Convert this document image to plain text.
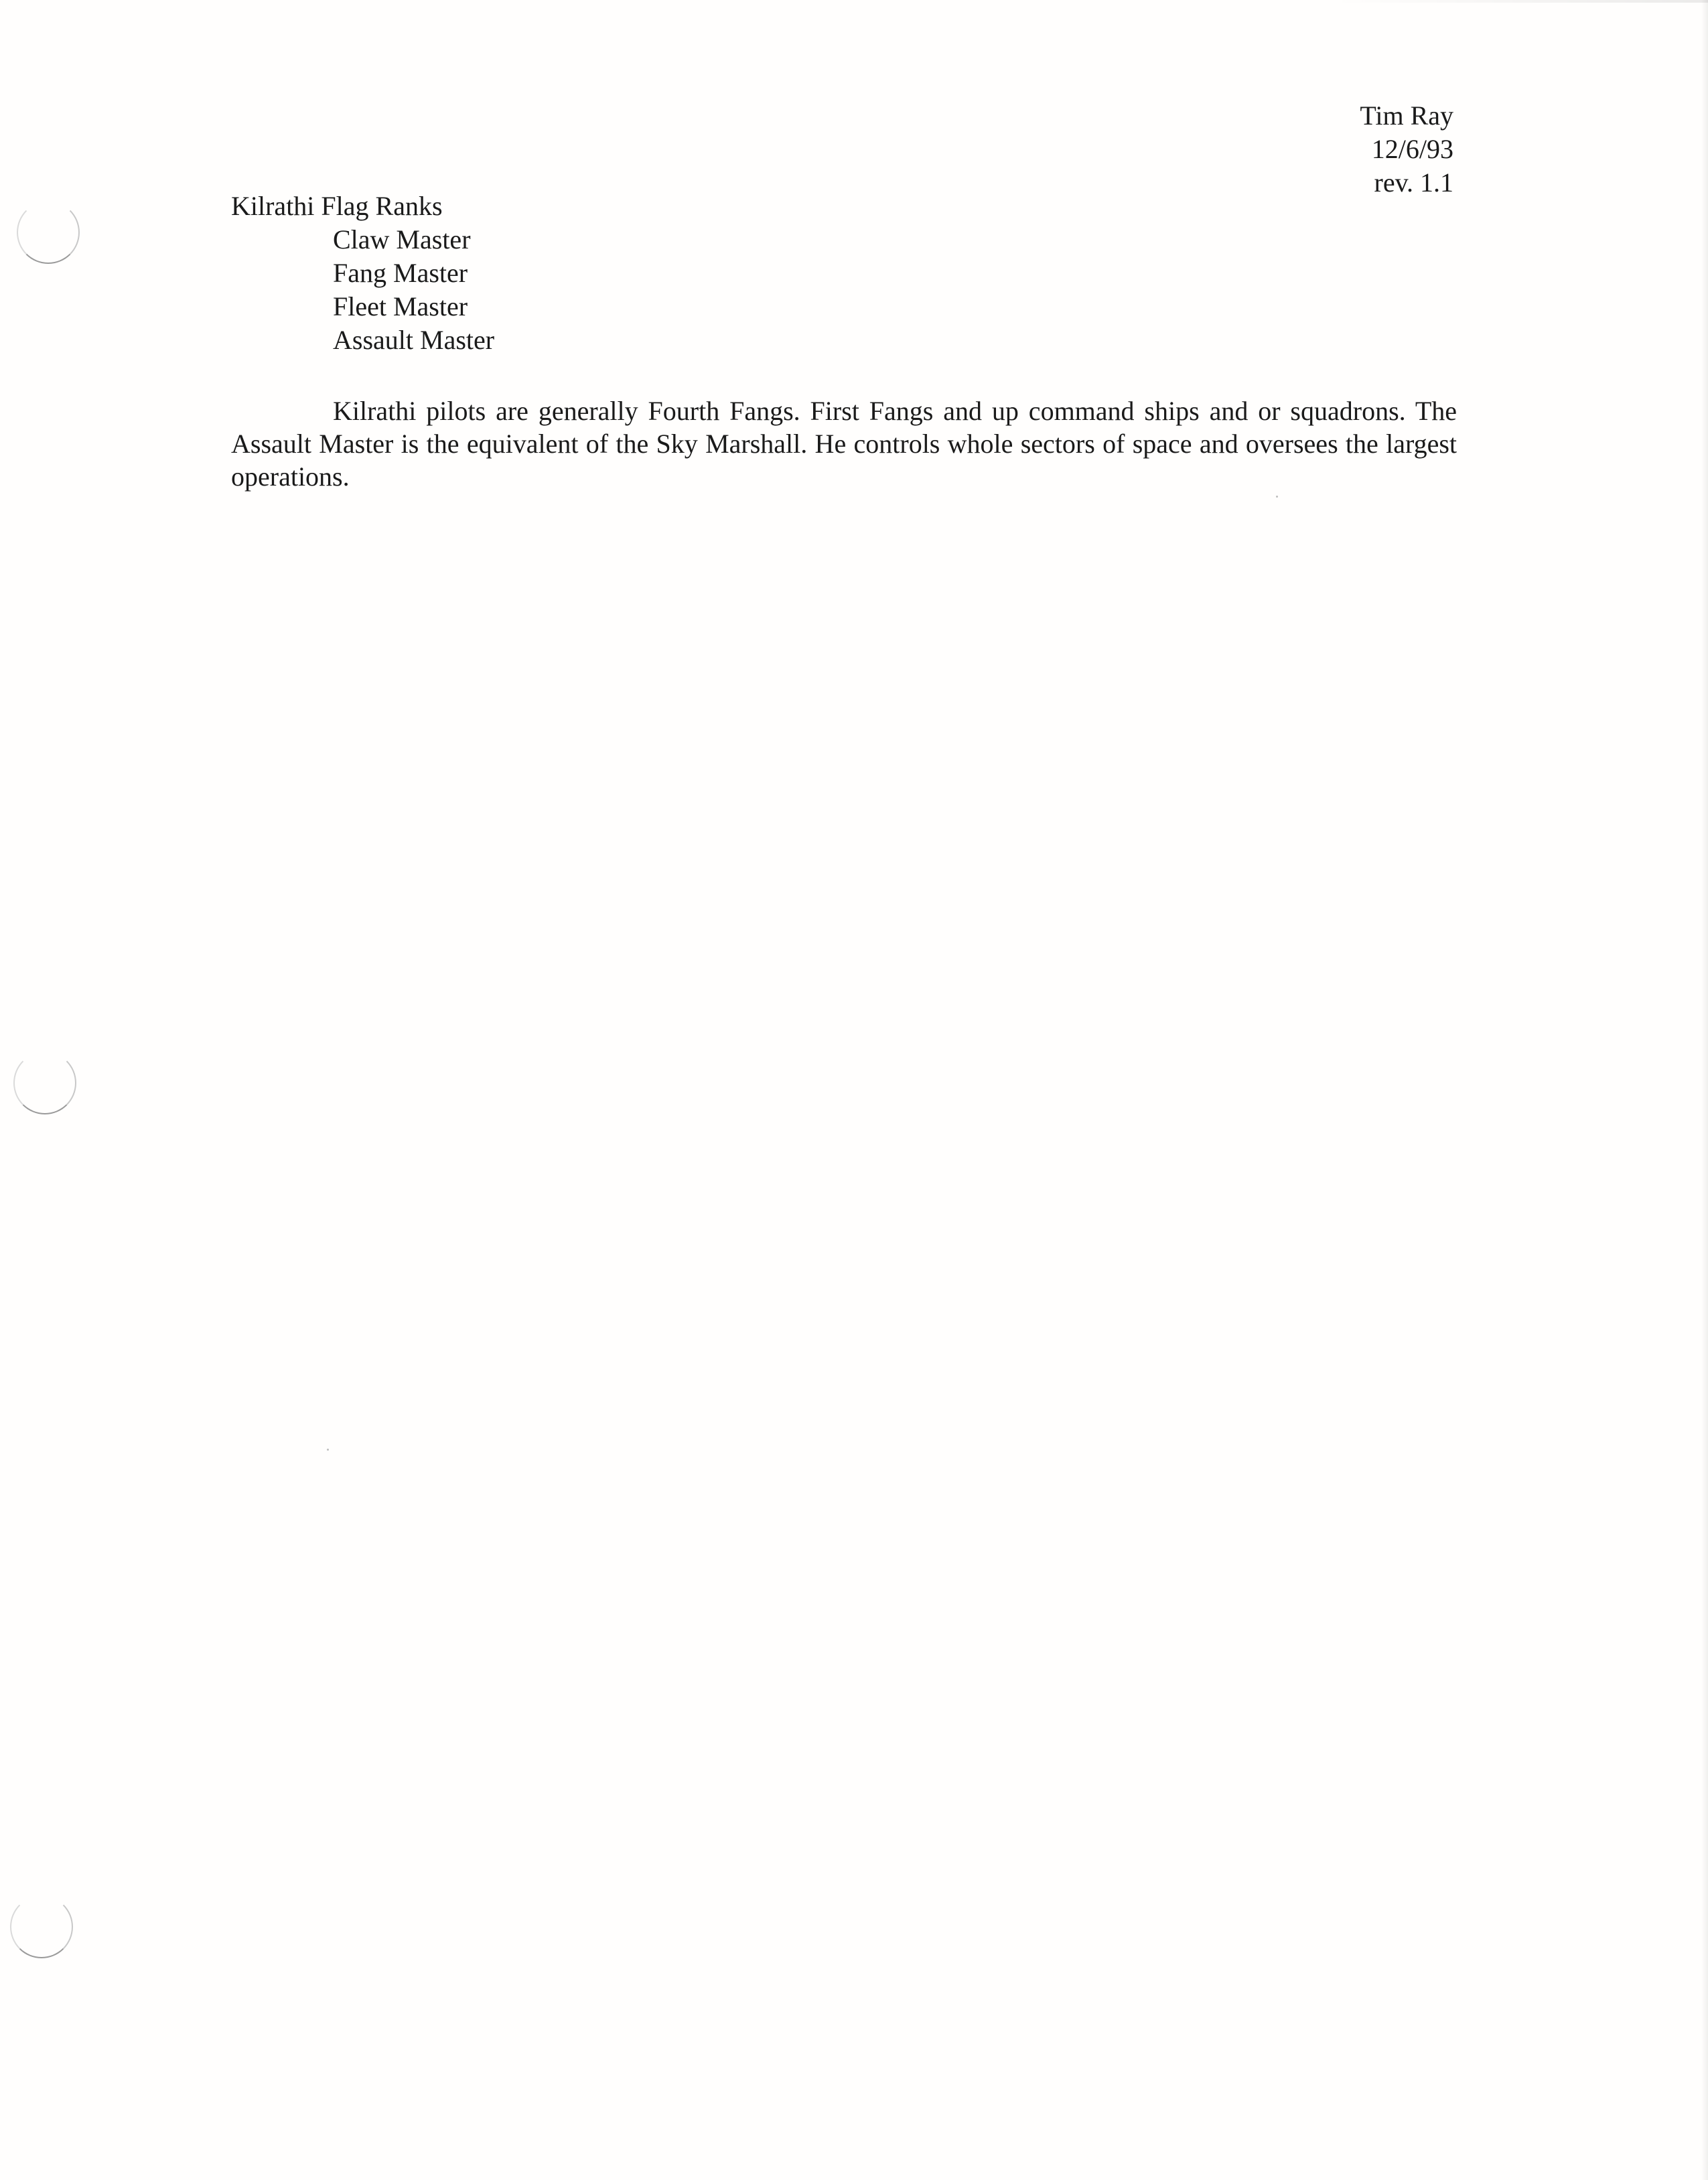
Tim Ray
12/6/93
rev. 1.1
Kilrathi Flag Ranks
Claw Master
Fang Master
Fleet Master
Assault Master

Kilrathi pilots are generally Fourth Fangs. First Fangs and up command ships and or squadrons. The Assault Master is the equivalent of the Sky Marshall. He controls whole sectors of space and oversees the largest operations.
